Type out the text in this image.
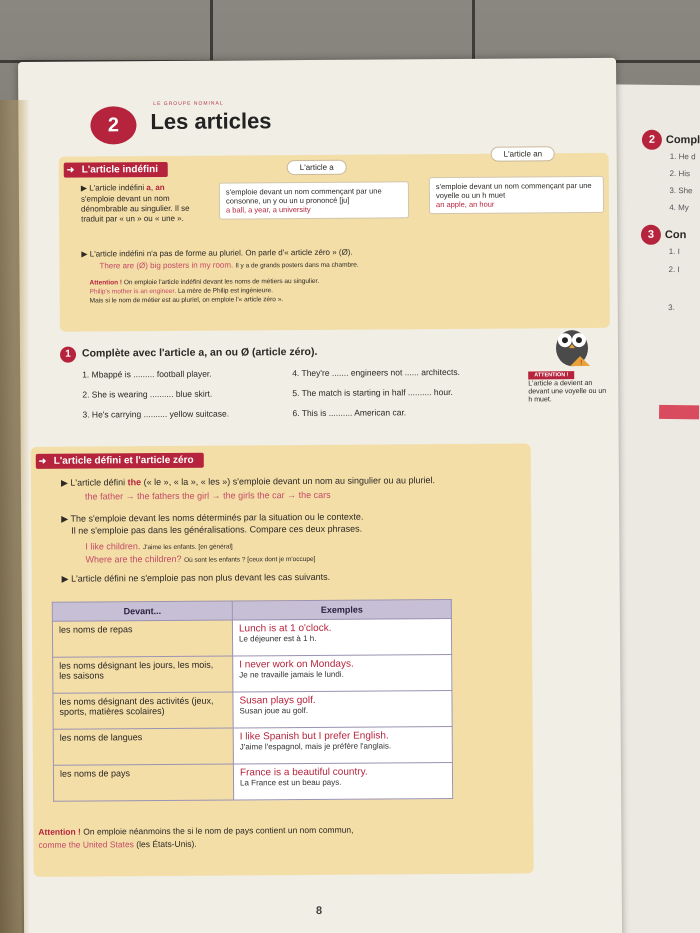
2 Compl
1. He d
2. His
3. She
4. My
3 Con
1. I
2. I
3.
LE GROUPE NOMINAL
2	Les articles
➜ L'article indéfini
▶ L'article indéfini a, an
s'emploie devant un nom dénombrable au singulier. Il se traduit par « un » ou « une ».
L'article a
L'article an
s'emploie devant un nom commençant par une consonne, un y ou un u prononcé [ju]
a ball, a year, a university
s'emploie devant un nom commençant par une voyelle ou un h muet
an apple, an hour
▶ L'article indéfini n'a pas de forme au pluriel. On parle d'« article zéro » (Ø).
There are (Ø) big posters in my room. Il y a de grands posters dans ma chambre.
Attention ! On emploie l'article indéfini devant les noms de métiers au singulier.
Philip's mother is an engineer. La mère de Philip est ingénieure.
Mais si le nom de métier est au pluriel, on emploie l'« article zéro ».
1	Complète avec l'article a, an ou Ø (article zéro).
1. Mbappé is ......... football player.
2. She is wearing .......... blue skirt.
3. He's carrying .......... yellow suitcase.
4. They're ....... engineers not ...... architects.
5. The match is starting in half .......... hour.
6. This is .......... American car.
!
ATTENTION !
L'article a devient an devant une voyelle ou un h muet.
➜ L'article défini et l'article zéro
▶ L'article défini the (« le », « la », « les ») s'emploie devant un nom au singulier ou au pluriel.
the father → the fathers the girl → the girls the car → the cars
▶ The s'emploie devant les noms déterminés par la situation ou le contexte.
Il ne s'emploie pas dans les généralisations. Compare ces deux phrases.
I like children. J'aime les enfants. [en général]
Where are the children? Où sont les enfants ? [ceux dont je m'occupe]
▶ L'article défini ne s'emploie pas non plus devant les cas suivants.
Devant...	Exemples
les noms de repas	Lunch is at 1 o'clock.
Le déjeuner est à 1 h.

les noms désignant les jours, les mois, les saisons	I never work on Mondays.
Je ne travaille jamais le lundi.

les noms désignant des activités (jeux, sports, matières scolaires)	Susan plays golf.
Susan joue au golf.

les noms de langues	I like Spanish but I prefer English.
J'aime l'espagnol, mais je préfère l'anglais.

les noms de pays	France is a beautiful country.
La France est un beau pays.
Attention ! On emploie néanmoins the si le nom de pays contient un nom commun,
comme the United States (les États-Unis).
8
